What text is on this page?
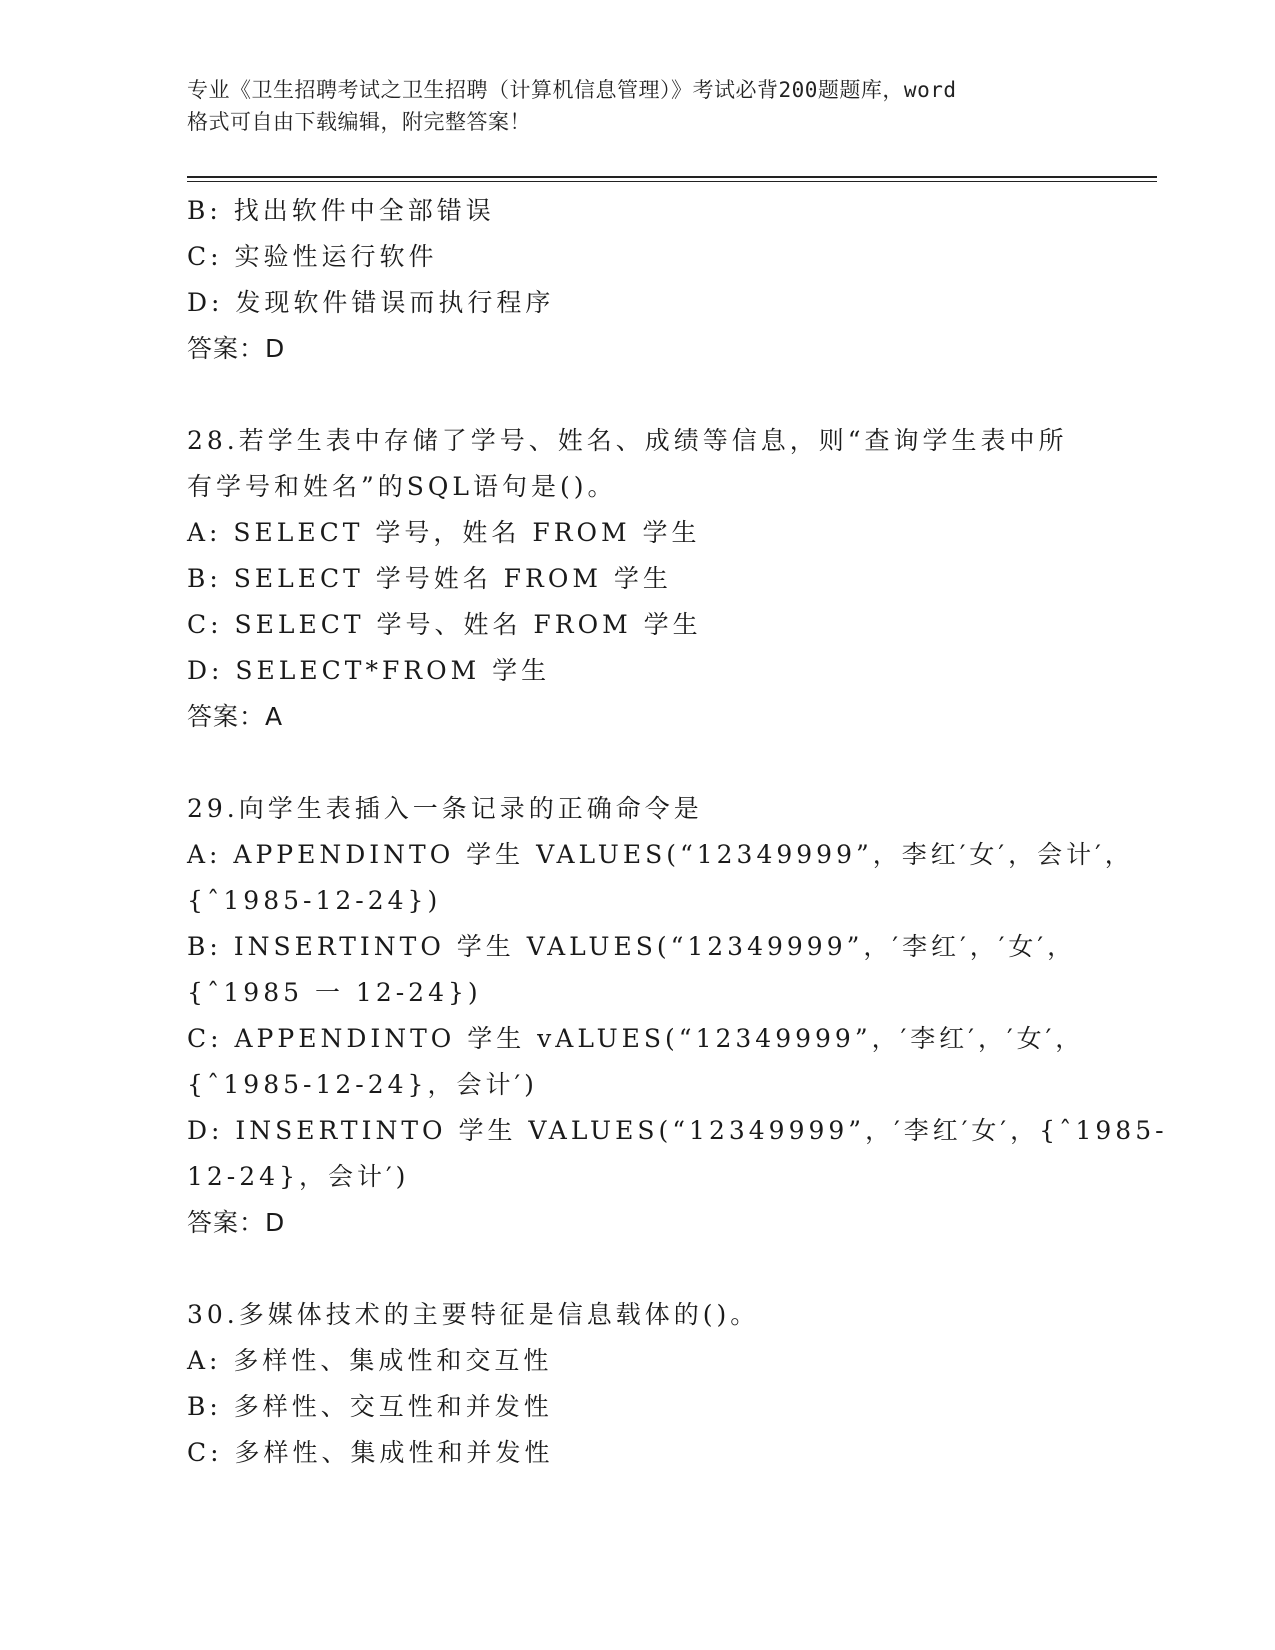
专业《卫生招聘考试之卫生招聘（计算机信息管理）》考试必背200题题库，word
格式可自由下载编辑，附完整答案！
B: 找出软件中全部错误
C: 实验性运行软件
D: 发现软件错误而执行程序
答案：D
28.若学生表中存储了学号、姓名、成绩等信息，则“查询学生表中所
有学号和姓名”的SQL语句是()。
A: SELECT 学号，姓名 FROM 学生
B: SELECT 学号姓名 FROM 学生
C: SELECT 学号、姓名 FROM 学生
D: SELECT*FROM 学生
答案：A
29.向学生表插入一条记录的正确命令是
A: APPENDINTO 学生 VALUES(“12349999”，李红′女′，会计′，
{ˆ1985-12-24})
B: INSERTINTO 学生 VALUES(“12349999”，′李红′，′女′，
{ˆ1985 一 12-24})
C: APPENDINTO 学生 vALUES(“12349999”，′李红′，′女′，
{ˆ1985-12-24}，会计′)
D: INSERTINTO 学生 VALUES(“12349999”，′李红′女′，{ˆ1985-
12-24}，会计′)
答案：D
30.多媒体技术的主要特征是信息载体的()。
A: 多样性、集成性和交互性
B: 多样性、交互性和并发性
C: 多样性、集成性和并发性
